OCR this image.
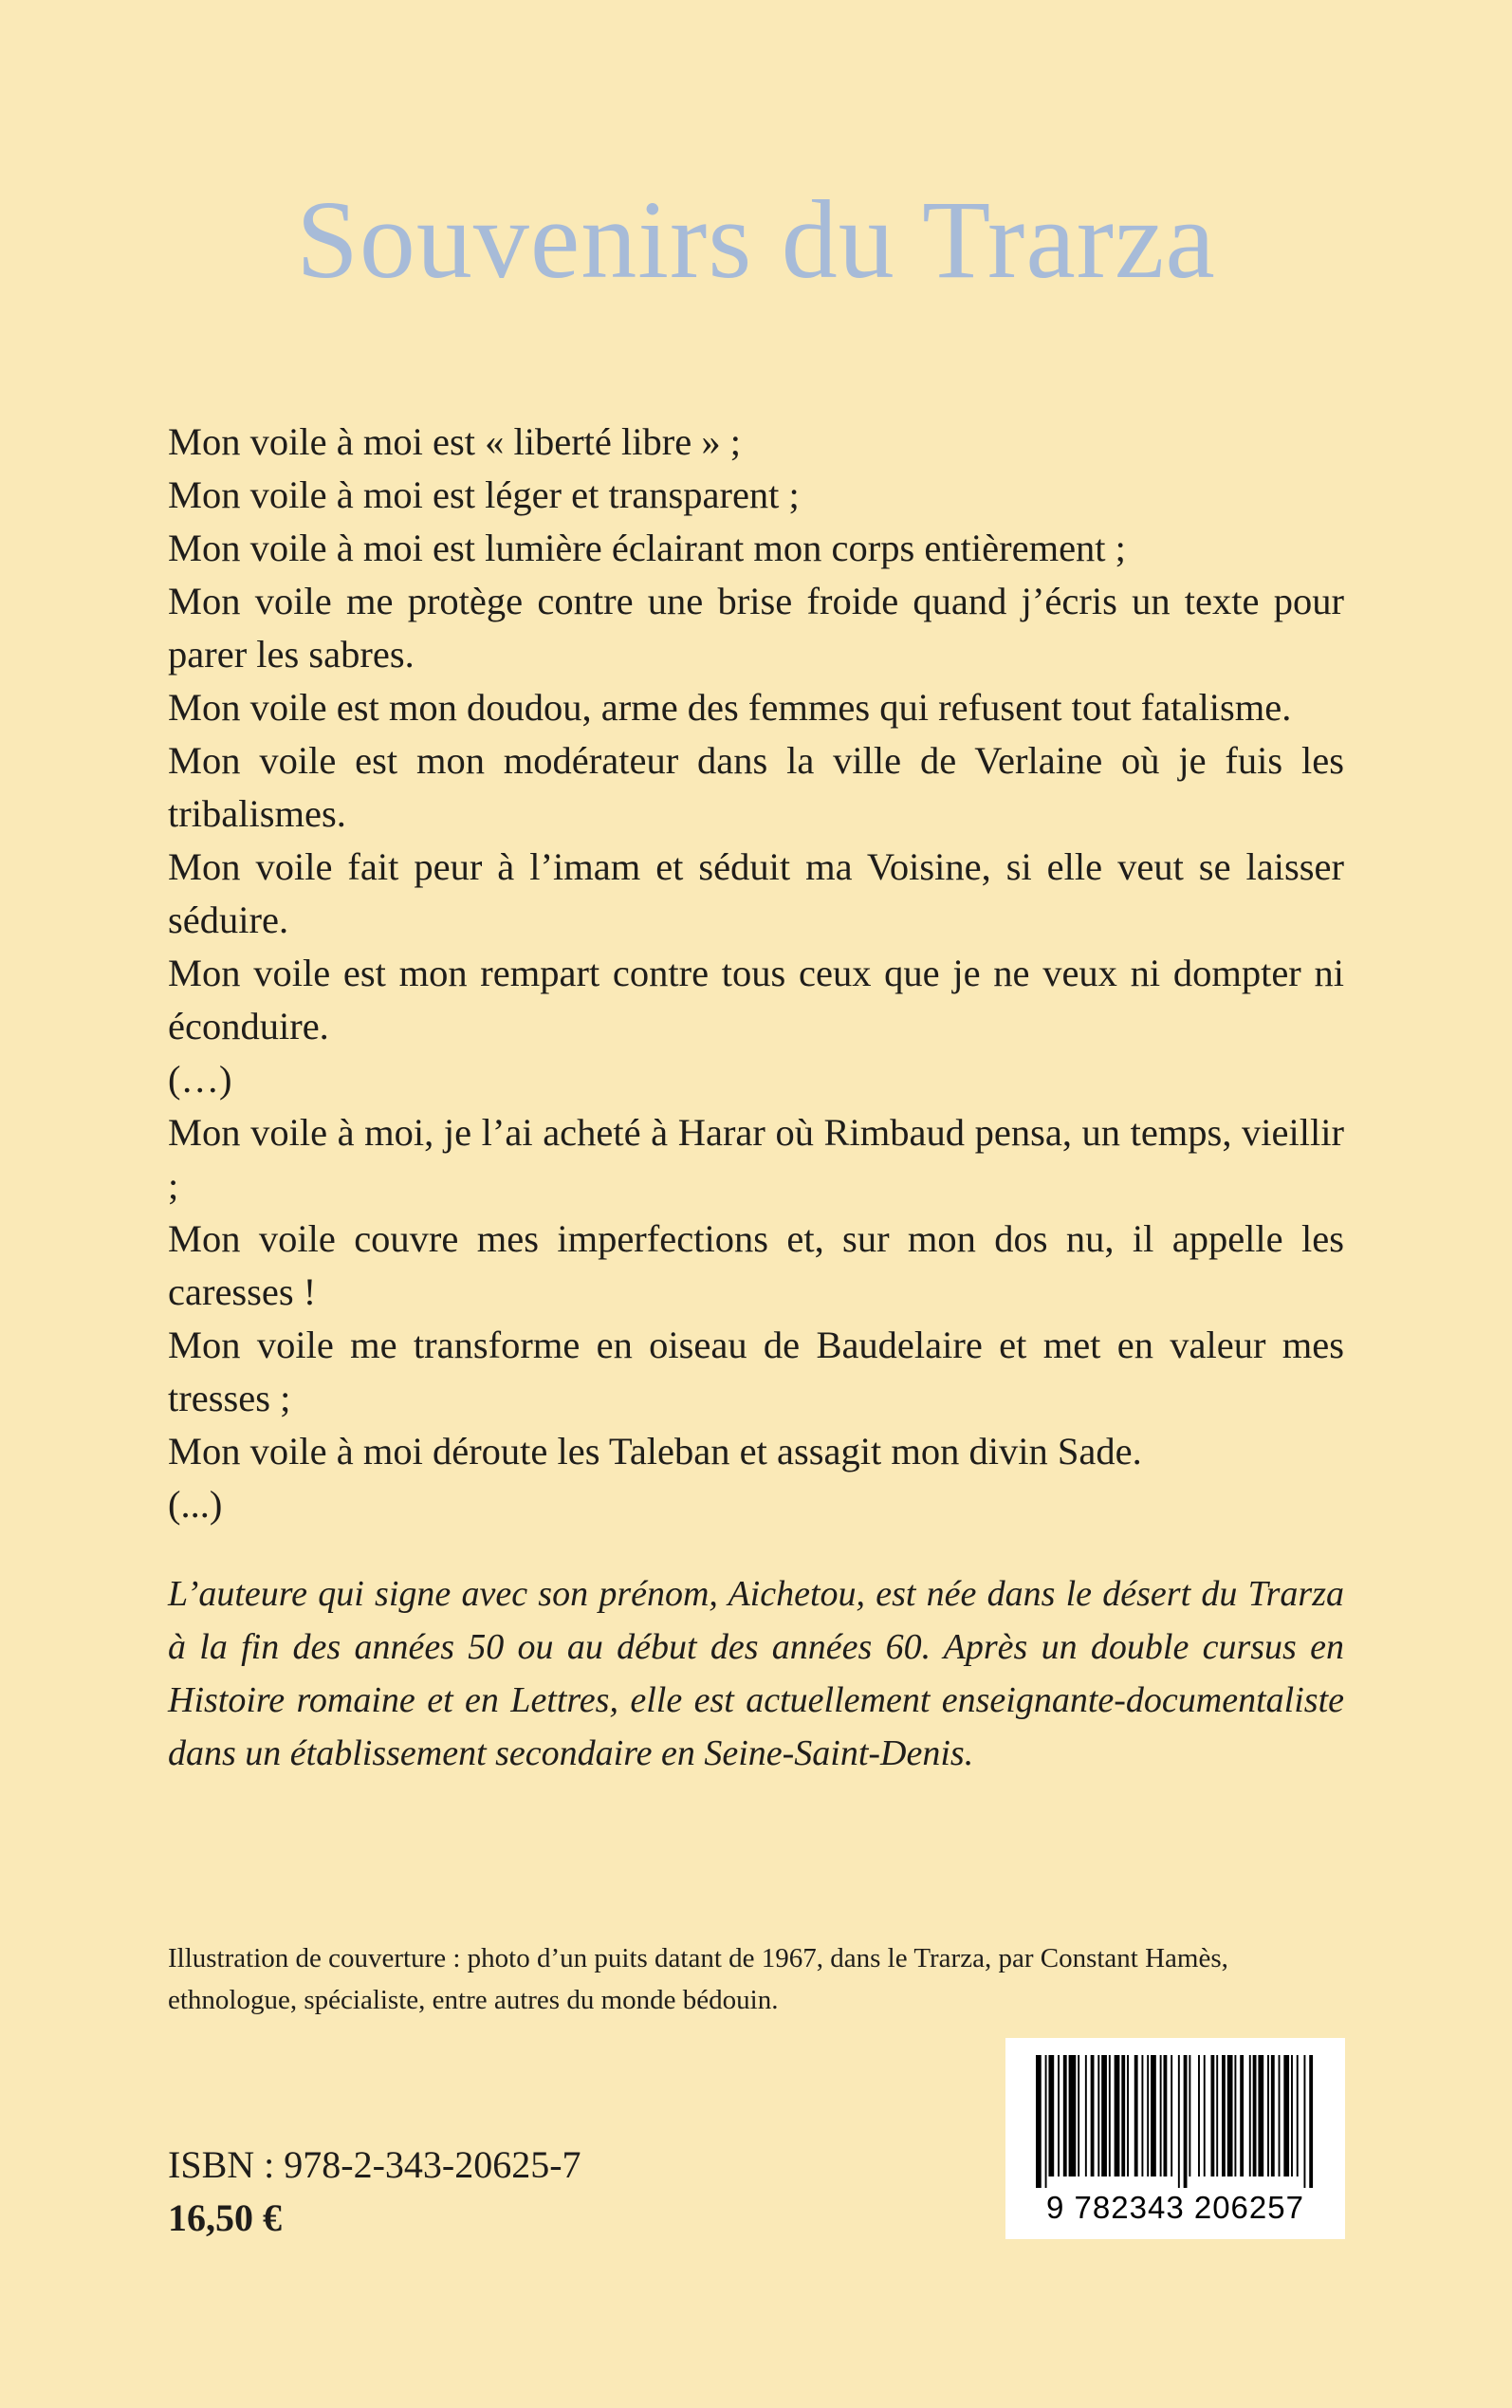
Souvenirs du Trarza
Mon voile à moi est « liberté libre » ;
Mon voile à moi est léger et transparent ;
Mon voile à moi est lumière éclairant mon corps entièrement ;
Mon voile me protège contre une brise froide quand j’écris un texte pour parer les sabres.
Mon voile est mon doudou, arme des femmes qui refusent tout fatalisme.
Mon voile est mon modérateur dans la ville de Verlaine où je fuis les tribalismes.
Mon voile fait peur à l’imam et séduit ma Voisine, si elle veut se laisser séduire.
Mon voile est mon rempart contre tous ceux que je ne veux ni dompter ni éconduire.
(…)
Mon voile à moi, je l’ai acheté à Harar où Rimbaud pensa, un temps, vieillir ;
Mon voile couvre mes imperfections et, sur mon dos nu, il appelle les caresses !
Mon voile me transforme en oiseau de Baudelaire et met en valeur mes tresses ;
Mon voile à moi déroute les Taleban et assagit mon divin Sade.
(...)
L’auteure qui signe avec son prénom, Aichetou, est née dans le désert du Trarza à la fin des années 50 ou au début des années 60. Après un double cursus en Histoire romaine et en Lettres, elle est actuellement enseignante-documentaliste dans un établissement secondaire en Seine-Saint-Denis.
Illustration de couverture : photo d’un puits datant de 1967, dans le Trarza, par Constant Hamès, ethnologue, spécialiste, entre autres du monde bédouin.
ISBN : 978-2-343-20625-7
16,50 €	9 782343 206257
